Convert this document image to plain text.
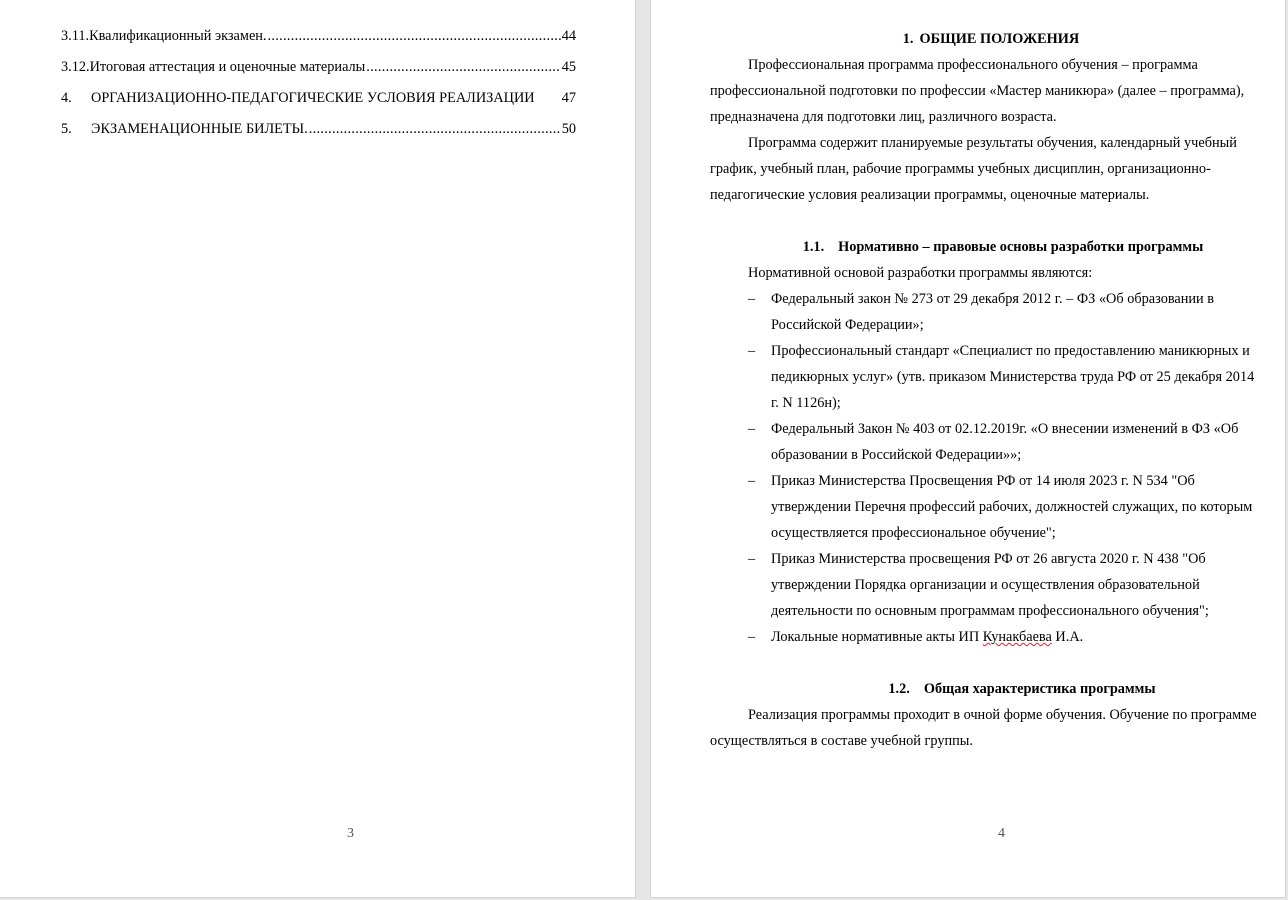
3.11. Квалификационный экзамен. .....	44
3.12. Итоговая аттестация и оценочные материалы .....	45
4.	ОРГАНИЗАЦИОННО-ПЕДАГОГИЧЕСКИЕ УСЛОВИЯ РЕАЛИЗАЦИИ 47
5.	ЭКЗАМЕНАЦИОННЫЕ БИЛЕТЫ. .....	50
3

1. ОБЩИЕ ПОЛОЖЕНИЯ

Профессиональная программа профессионального обучения – программа профессиональной подготовки по профессии «Мастер маникюра» (далее – программа), предназначена для подготовки лиц, различного возраста.

Программа содержит планируемые результаты обучения, календарный учебный график, учебный план, рабочие программы учебных дисциплин, организационно-педагогические условия реализации программы, оценочные материалы.

1.1. Нормативно – правовые основы разработки программы

Нормативной основой разработки программы являются:

– Федеральный закон № 273 от 29 декабря 2012 г. – ФЗ «Об образовании в Российской Федерации»;
– Профессиональный стандарт «Специалист по предоставлению маникюрных и педикюрных услуг» (утв. приказом Министерства труда РФ от 25 декабря 2014 г. N 1126н);
– Федеральный Закон № 403 от 02.12.2019г. «О внесении изменений в ФЗ «Об образовании в Российской Федерации»»;
– Приказ Министерства Просвещения РФ от 14 июля 2023 г. N 534 "Об утверждении Перечня профессий рабочих, должностей служащих, по которым осуществляется профессиональное обучение";
– Приказ Министерства просвещения РФ от 26 августа 2020 г. N 438 "Об утверждении Порядка организации и осуществления образовательной деятельности по основным программам профессионального обучения";
– Локальные нормативные акты ИП Кунакбаева И.А.

1.2. Общая характеристика программы

Реализация программы проходит в очной форме обучения. Обучение по программе осуществляться в составе учебной группы.

4
